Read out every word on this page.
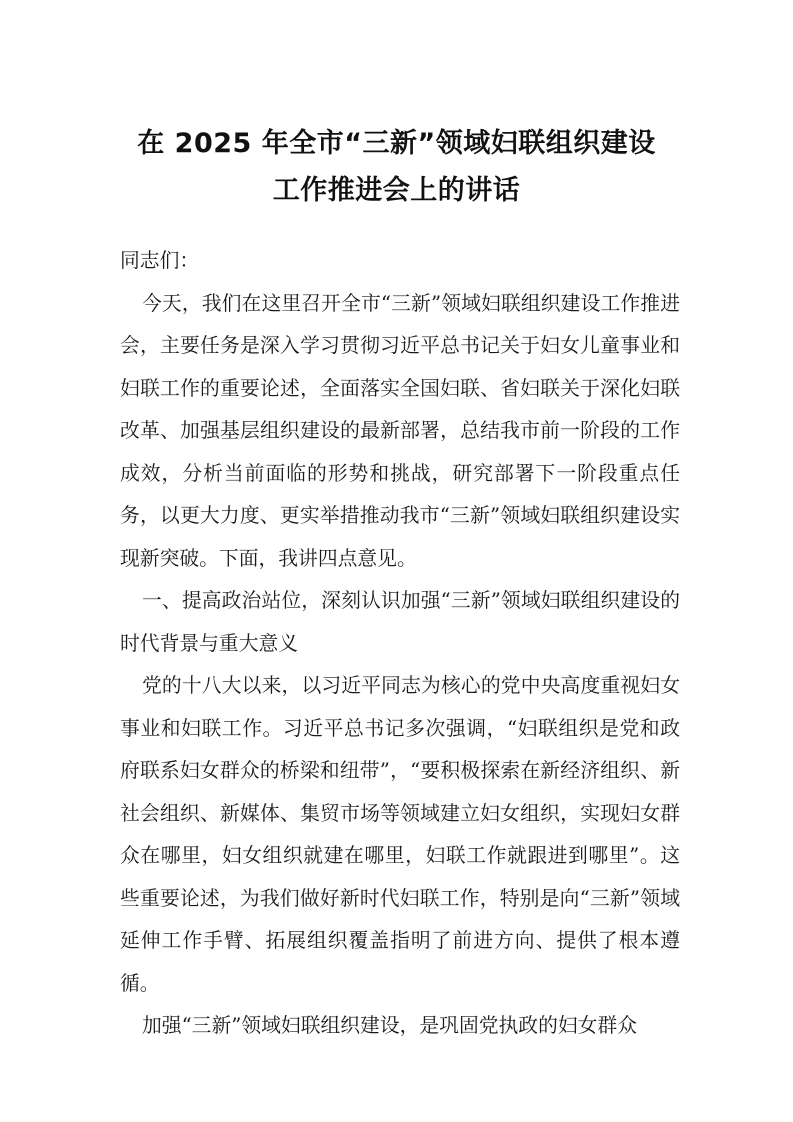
在 2025 年全市“三新”领域妇联组织建设
工作推进会上的讲话

同志们：

今天，我们在这里召开全市“三新”领域妇联组织建设工作推进会，主要任务是深入学习贯彻习近平总书记关于妇女儿童事业和妇联工作的重要论述，全面落实全国妇联、省妇联关于深化妇联改革、加强基层组织建设的最新部署，总结我市前一阶段的工作成效，分析当前面临的形势和挑战，研究部署下一阶段重点任务，以更大力度、更实举措推动我市“三新”领域妇联组织建设实现新突破。下面，我讲四点意见。

一、提高政治站位，深刻认识加强“三新”领域妇联组织建设的时代背景与重大意义

党的十八大以来，以习近平同志为核心的党中央高度重视妇女事业和妇联工作。习近平总书记多次强调，“妇联组织是党和政府联系妇女群众的桥梁和纽带”，“要积极探索在新经济组织、新社会组织、新媒体、集贸市场等领域建立妇女组织，实现妇女群众在哪里，妇女组织就建在哪里，妇联工作就跟进到哪里”。这些重要论述，为我们做好新时代妇联工作，特别是向“三新”领域延伸工作手臂、拓展组织覆盖指明了前进方向、提供了根本遵循。

加强“三新”领域妇联组织建设，是巩固党执政的妇女群众
